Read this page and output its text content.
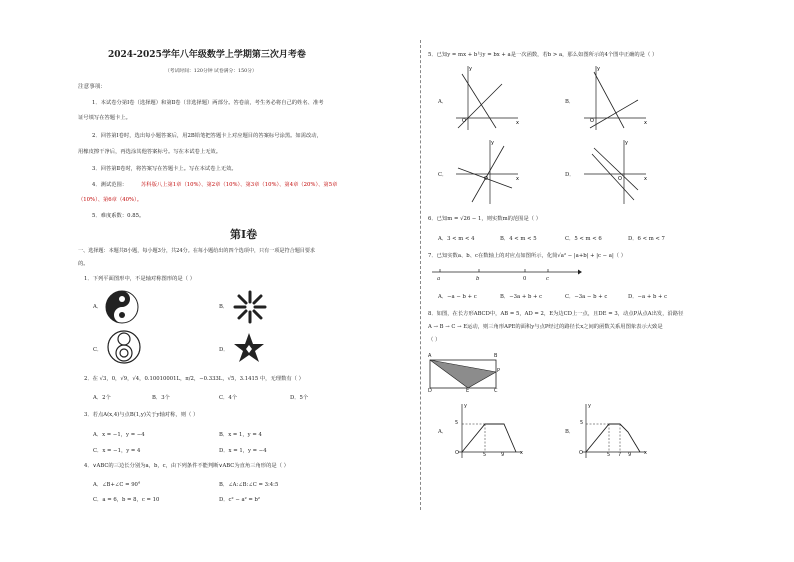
2024-2025学年八年级数学上学期第三次月考卷
（考试时间：120分钟 试卷满分：150分）
注意事项：
1．本试卷分第Ⅰ卷（选择题）和第Ⅱ卷（非选择题）两部分。答卷前，考生务必将自己的姓名、准考
证号填写在答题卡上。
2．回答第Ⅰ卷时，选出每小题答案后，用2B铅笔把答题卡上对应题目的答案标号涂黑。如需改动，
用橡皮擦干净后，再选涂其他答案标号。写在本试卷上无效。
3．回答第Ⅱ卷时，将答案写在答题卡上。写在本试卷上无效。
4．测试范围：	苏科版八上第1章（10%）、第2章（10%）、第3章（10%）、第4章（20%）、第5章
（10%）、第6章（40%）。
5．难度系数：0.85。
第Ⅰ卷
一、选择题：本题共8小题，每小题3分，共24分。在每小题给出的四个选项中，只有一项是符合题目要求
的。
1．下列平面图形中，不是轴对称图形的是（ ）
A．	B．
C．	D．
2．在 √3，0，√9，√4，0.10010001L，π/2，−0.333L，√5，3.1415 中，无理数有（ ）
A．2个	B．3个	C．4个	D．5个
3．若点A(x,4)与点B(1,y)关于y轴对称，则（ ）
A．x = −1，y = −4	B．x = 1，y = 4
C．x = −1，y = 4	D．x = 1，y = −4
4．∨ABC的三边长分别为a，b，c，由下列条件不能判断∨ABC为直角三角形的是（ ）
A．∠B+∠C = 90°	B．∠A:∠B:∠C = 3:4:5
C．a = 6，b = 8，c = 10	D．c² − a² = b²
5．已知y = mx + b与y = bx + a是一次函数，若b > a，那么如图所示的4个图中正确的是（ ）
A．	B．
C．	D．
O	x
y
O	x
y
O	x
y
O	x
y
6．已知m = √26 − 1，则实数m的范围是（ ）
A．3 < m < 4	B．4 < m < 5	C．5 < m < 6	D．6 < m < 7
7．已知实数a、b、c在数轴上的对应点如图所示，化简√a² − |a+b| + |c − a|（ ）
a	b	0	c
A．−a − b + c	B．−3a + b + c	C．−3a − b + c	D．−a + b + c
8．如图，在长方形ABCD中，AB = 5，AD = 2，E为边CD上一点，且DE = 3，动点P从点A出发，沿路径
A → B → C → E运动，则三角形APE的面积y与点P经过的路径长x之间的函数关系用图象表示大致是
（ ）
A	B
P
D	E	C
A．
5
O	5	9	x
y
B．
5
O	5 7 9	x
y
